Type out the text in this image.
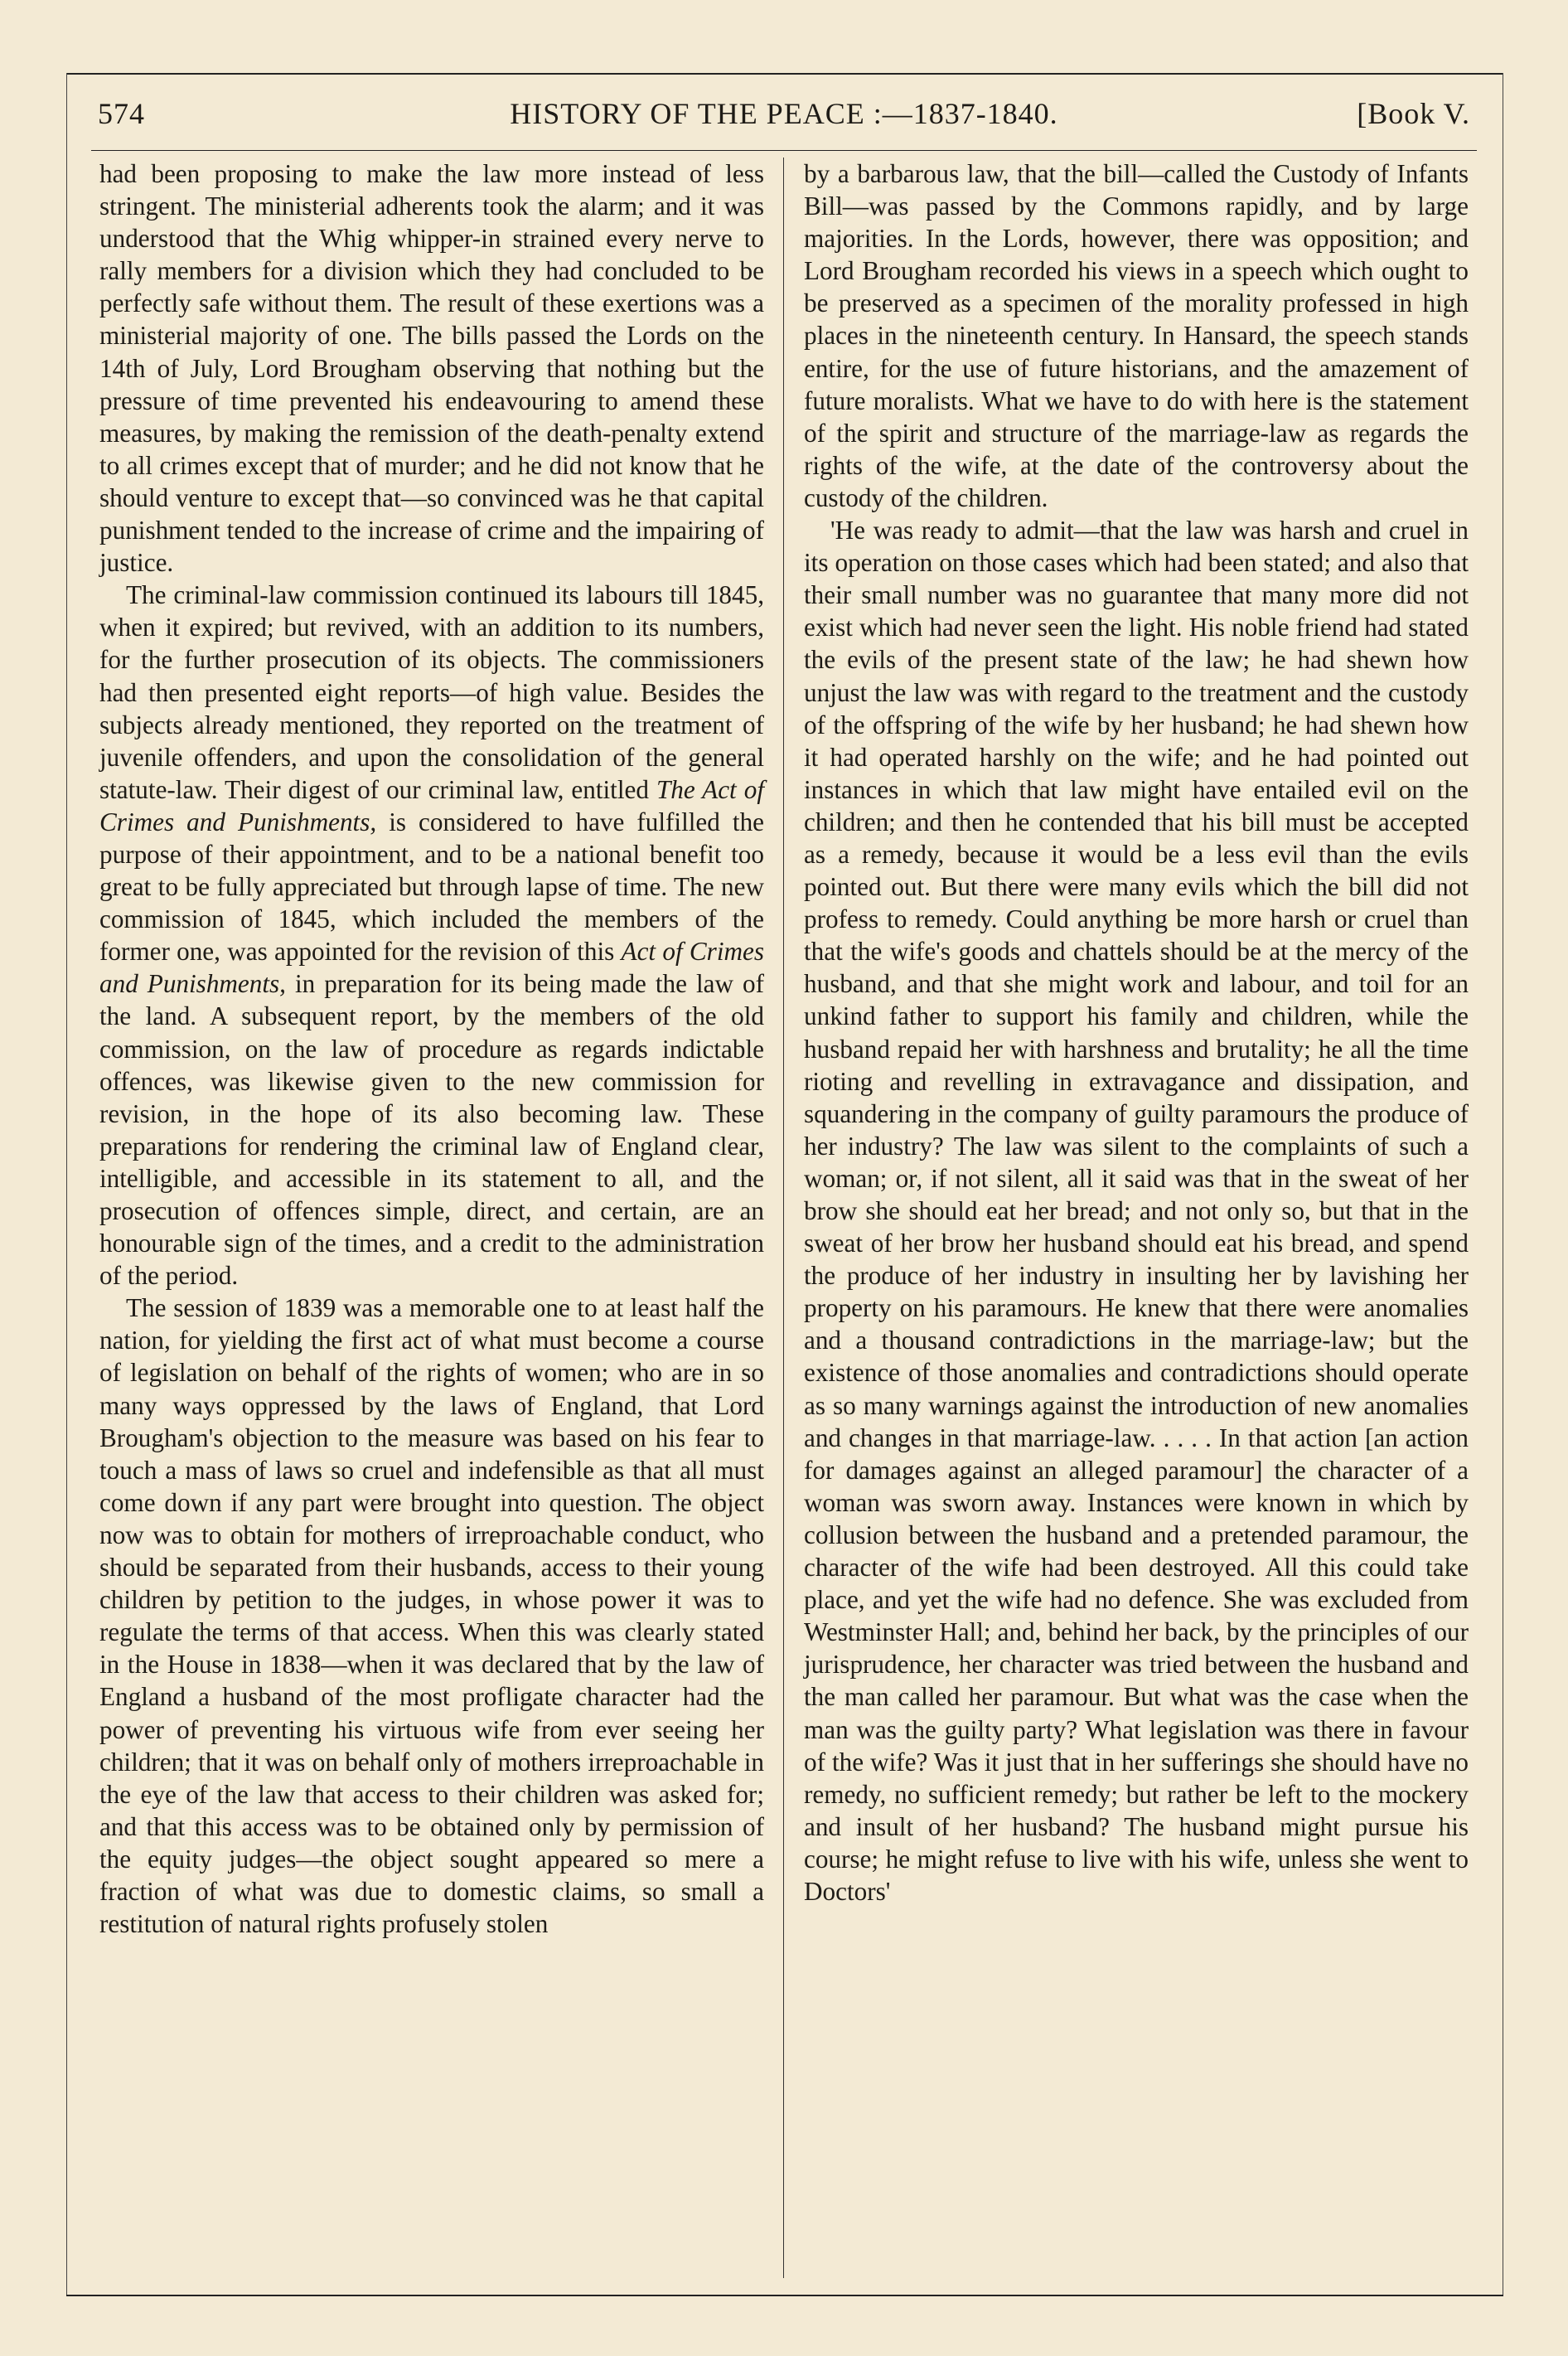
574	HISTORY OF THE PEACE :—1837-1840.	[Book V.

had been proposing to make the law more instead of less stringent. The ministerial adherents took the alarm; and it was understood that the Whig whipper-in strained every nerve to rally members for a division which they had concluded to be perfectly safe without them. The result of these exertions was a ministerial majority of one. The bills passed the Lords on the 14th of July, Lord Brougham observing that nothing but the pressure of time prevented his endeavouring to amend these measures, by making the remission of the death-penalty extend to all crimes except that of murder; and he did not know that he should venture to except that—so convinced was he that capital punishment tended to the increase of crime and the impairing of justice.

The criminal-law commission continued its labours till 1845, when it expired; but revived, with an addition to its numbers, for the further prosecution of its objects. The commissioners had then presented eight reports—of high value. Besides the subjects already mentioned, they reported on the treatment of juvenile offenders, and upon the consolidation of the general statute-law. Their digest of our criminal law, entitled The Act of Crimes and Punishments, is considered to have fulfilled the purpose of their appointment, and to be a national benefit too great to be fully appreciated but through lapse of time. The new commission of 1845, which included the members of the former one, was appointed for the revision of this Act of Crimes and Punishments, in preparation for its being made the law of the land. A subsequent report, by the members of the old commission, on the law of procedure as regards indictable offences, was likewise given to the new commission for revision, in the hope of its also becoming law. These preparations for rendering the criminal law of England clear, intelligible, and accessible in its statement to all, and the prosecution of offences simple, direct, and certain, are an honourable sign of the times, and a credit to the administration of the period.

The session of 1839 was a memorable one to at least half the nation, for yielding the first act of what must become a course of legislation on behalf of the rights of women; who are in so many ways oppressed by the laws of England, that Lord Brougham's objection to the measure was based on his fear to touch a mass of laws so cruel and indefensible as that all must come down if any part were brought into question. The object now was to obtain for mothers of irreproachable conduct, who should be separated from their husbands, access to their young children by petition to the judges, in whose power it was to regulate the terms of that access. When this was clearly stated in the House in 1838—when it was declared that by the law of England a husband of the most profligate character had the power of preventing his virtuous wife from ever seeing her children; that it was on behalf only of mothers irreproachable in the eye of the law that access to their children was asked for; and that this access was to be obtained only by permission of the equity judges—the object sought appeared so mere a fraction of what was due to domestic claims, so small a restitution of natural rights profusely stolen

by a barbarous law, that the bill—called the Custody of Infants Bill—was passed by the Commons rapidly, and by large majorities. In the Lords, however, there was opposition; and Lord Brougham recorded his views in a speech which ought to be preserved as a specimen of the morality professed in high places in the nineteenth century. In Hansard, the speech stands entire, for the use of future historians, and the amazement of future moralists. What we have to do with here is the statement of the spirit and structure of the marriage-law as regards the rights of the wife, at the date of the controversy about the custody of the children.

'He was ready to admit—that the law was harsh and cruel in its operation on those cases which had been stated; and also that their small number was no guarantee that many more did not exist which had never seen the light. His noble friend had stated the evils of the present state of the law; he had shewn how unjust the law was with regard to the treatment and the custody of the offspring of the wife by her husband; he had shewn how it had operated harshly on the wife; and he had pointed out instances in which that law might have entailed evil on the children; and then he contended that his bill must be accepted as a remedy, because it would be a less evil than the evils pointed out. But there were many evils which the bill did not profess to remedy. Could anything be more harsh or cruel than that the wife's goods and chattels should be at the mercy of the husband, and that she might work and labour, and toil for an unkind father to support his family and children, while the husband repaid her with harshness and brutality; he all the time rioting and revelling in extravagance and dissipation, and squandering in the company of guilty paramours the produce of her industry? The law was silent to the complaints of such a woman; or, if not silent, all it said was that in the sweat of her brow she should eat her bread; and not only so, but that in the sweat of her brow her husband should eat his bread, and spend the produce of her industry in insulting her by lavishing her property on his paramours. He knew that there were anomalies and a thousand contradictions in the marriage-law; but the existence of those anomalies and contradictions should operate as so many warnings against the introduction of new anomalies and changes in that marriage-law. . . . . In that action [an action for damages against an alleged paramour] the character of a woman was sworn away. Instances were known in which by collusion between the husband and a pretended paramour, the character of the wife had been destroyed. All this could take place, and yet the wife had no defence. She was excluded from Westminster Hall; and, behind her back, by the principles of our jurisprudence, her character was tried between the husband and the man called her paramour. But what was the case when the man was the guilty party? What legislation was there in favour of the wife? Was it just that in her sufferings she should have no remedy, no sufficient remedy; but rather be left to the mockery and insult of her husband? The husband might pursue his course; he might refuse to live with his wife, unless she went to Doctors'
